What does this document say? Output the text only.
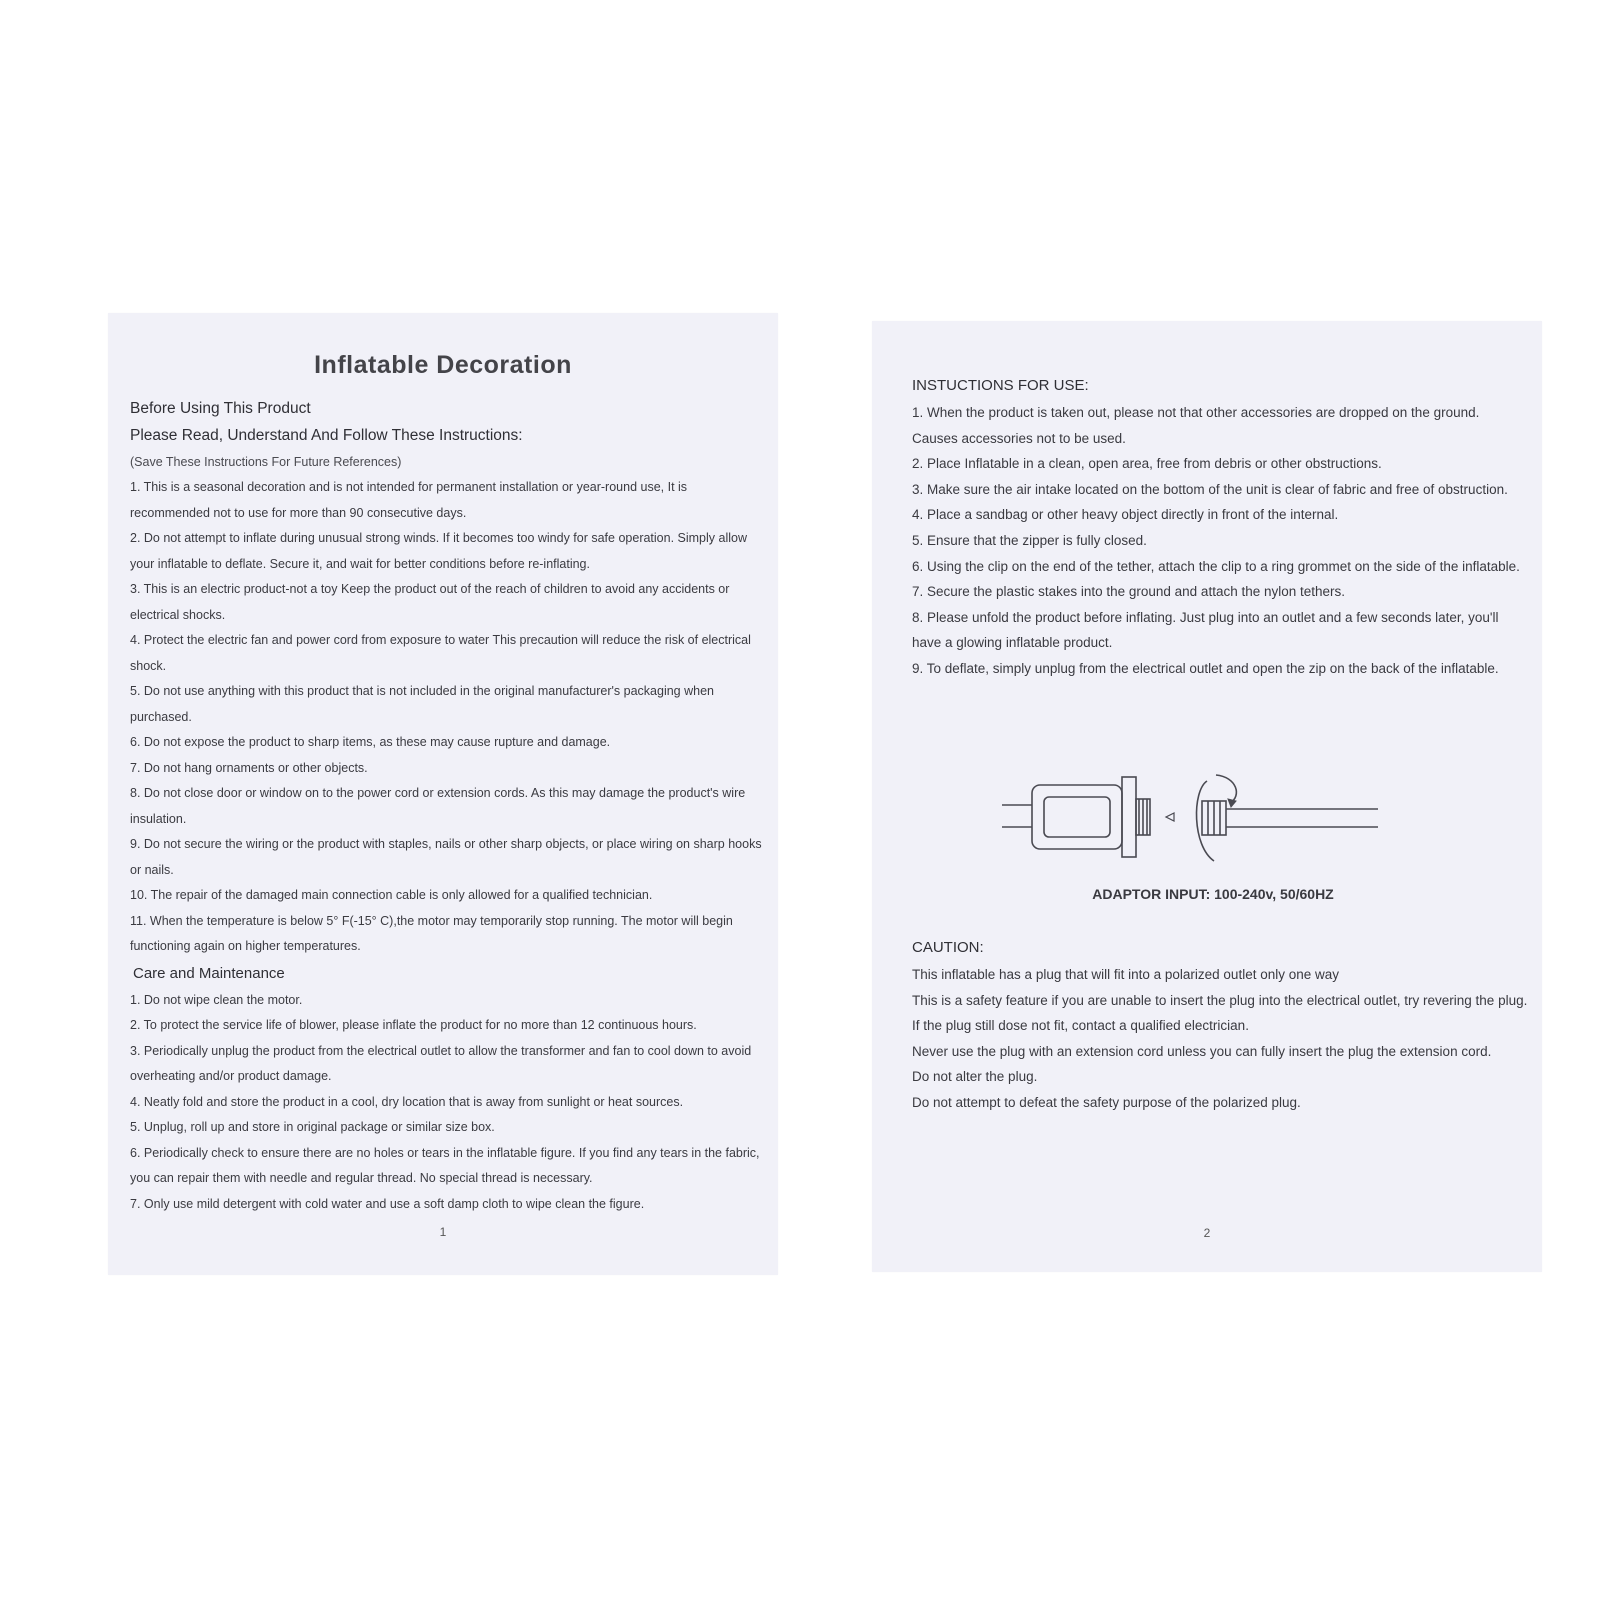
Inflatable Decoration

Before Using This Product

Please Read, Understand And Follow These Instructions:

(Save These Instructions For Future References)

1. This is a seasonal decoration and is not intended for permanent installation or year-round use, It is recommended not to use for more than 90 consecutive days.

2. Do not attempt to inflate during unusual strong winds. If it becomes too windy for safe operation. Simply allow your inflatable to deflate. Secure it, and wait for better conditions before re-inflating.

3. This is an electric product-not a toy Keep the product out of the reach of children to avoid any accidents or electrical shocks.

4. Protect the electric fan and power cord from exposure to water This precaution will reduce the risk of electrical shock.

5. Do not use anything with this product that is not included in the original manufacturer's packaging when purchased.

6. Do not expose the product to sharp items, as these may cause rupture and damage.

7. Do not hang ornaments or other objects.

8. Do not close door or window on to the power cord or extension cords. As this may damage the product's wire insulation.

9. Do not secure the wiring or the product with staples, nails or other sharp objects, or place wiring on sharp hooks or nails.

10. The repair of the damaged main connection cable is only allowed for a qualified technician.

11. When the temperature is below 5° F(-15° C),the motor may temporarily stop running. The motor will begin functioning again on higher temperatures.

Care and Maintenance

1. Do not wipe clean the motor.

2. To protect the service life of blower, please inflate the product for no more than 12 continuous hours.

3. Periodically unplug the product from the electrical outlet to allow the transformer and fan to cool down to avoid overheating and/or product damage.

4. Neatly fold and store the product in a cool, dry location that is away from sunlight or heat sources.

5. Unplug, roll up and store in original package or similar size box.

6. Periodically check to ensure there are no holes or tears in the inflatable figure. If you find any tears in the fabric, you can repair them with needle and regular thread. No special thread is necessary.

7. Only use mild detergent with cold water and use a soft damp cloth to wipe clean the figure.

1

INSTUCTIONS FOR USE:

1. When the product is taken out, please not that other accessories are dropped on the ground. Causes accessories not to be used.

2. Place Inflatable in a clean, open area, free from debris or other obstructions.

3. Make sure the air intake located on the bottom of the unit is clear of fabric and free of obstruction.

4. Place a sandbag or other heavy object directly in front of the internal.

5. Ensure that the zipper is fully closed.

6. Using the clip on the end of the tether, attach the clip to a ring grommet on the side of the inflatable.

7. Secure the plastic stakes into the ground and attach the nylon tethers.

8. Please unfold the product before inflating. Just plug into an outlet and a few seconds later, you'll have a glowing inflatable product.

9. To deflate, simply unplug from the electrical outlet and open the zip on the back of the inflatable.

ADAPTOR INPUT: 100-240v, 50/60HZ

CAUTION:

This inflatable has a plug that will fit into a polarized outlet only one way

This is a safety feature if you are unable to insert the plug into the electrical outlet, try revering the plug.

If the plug still dose not fit, contact a qualified electrician.

Never use the plug with an extension cord unless you can fully insert the plug the extension cord.

Do not alter the plug.

Do not attempt to defeat the safety purpose of the polarized plug.

2
